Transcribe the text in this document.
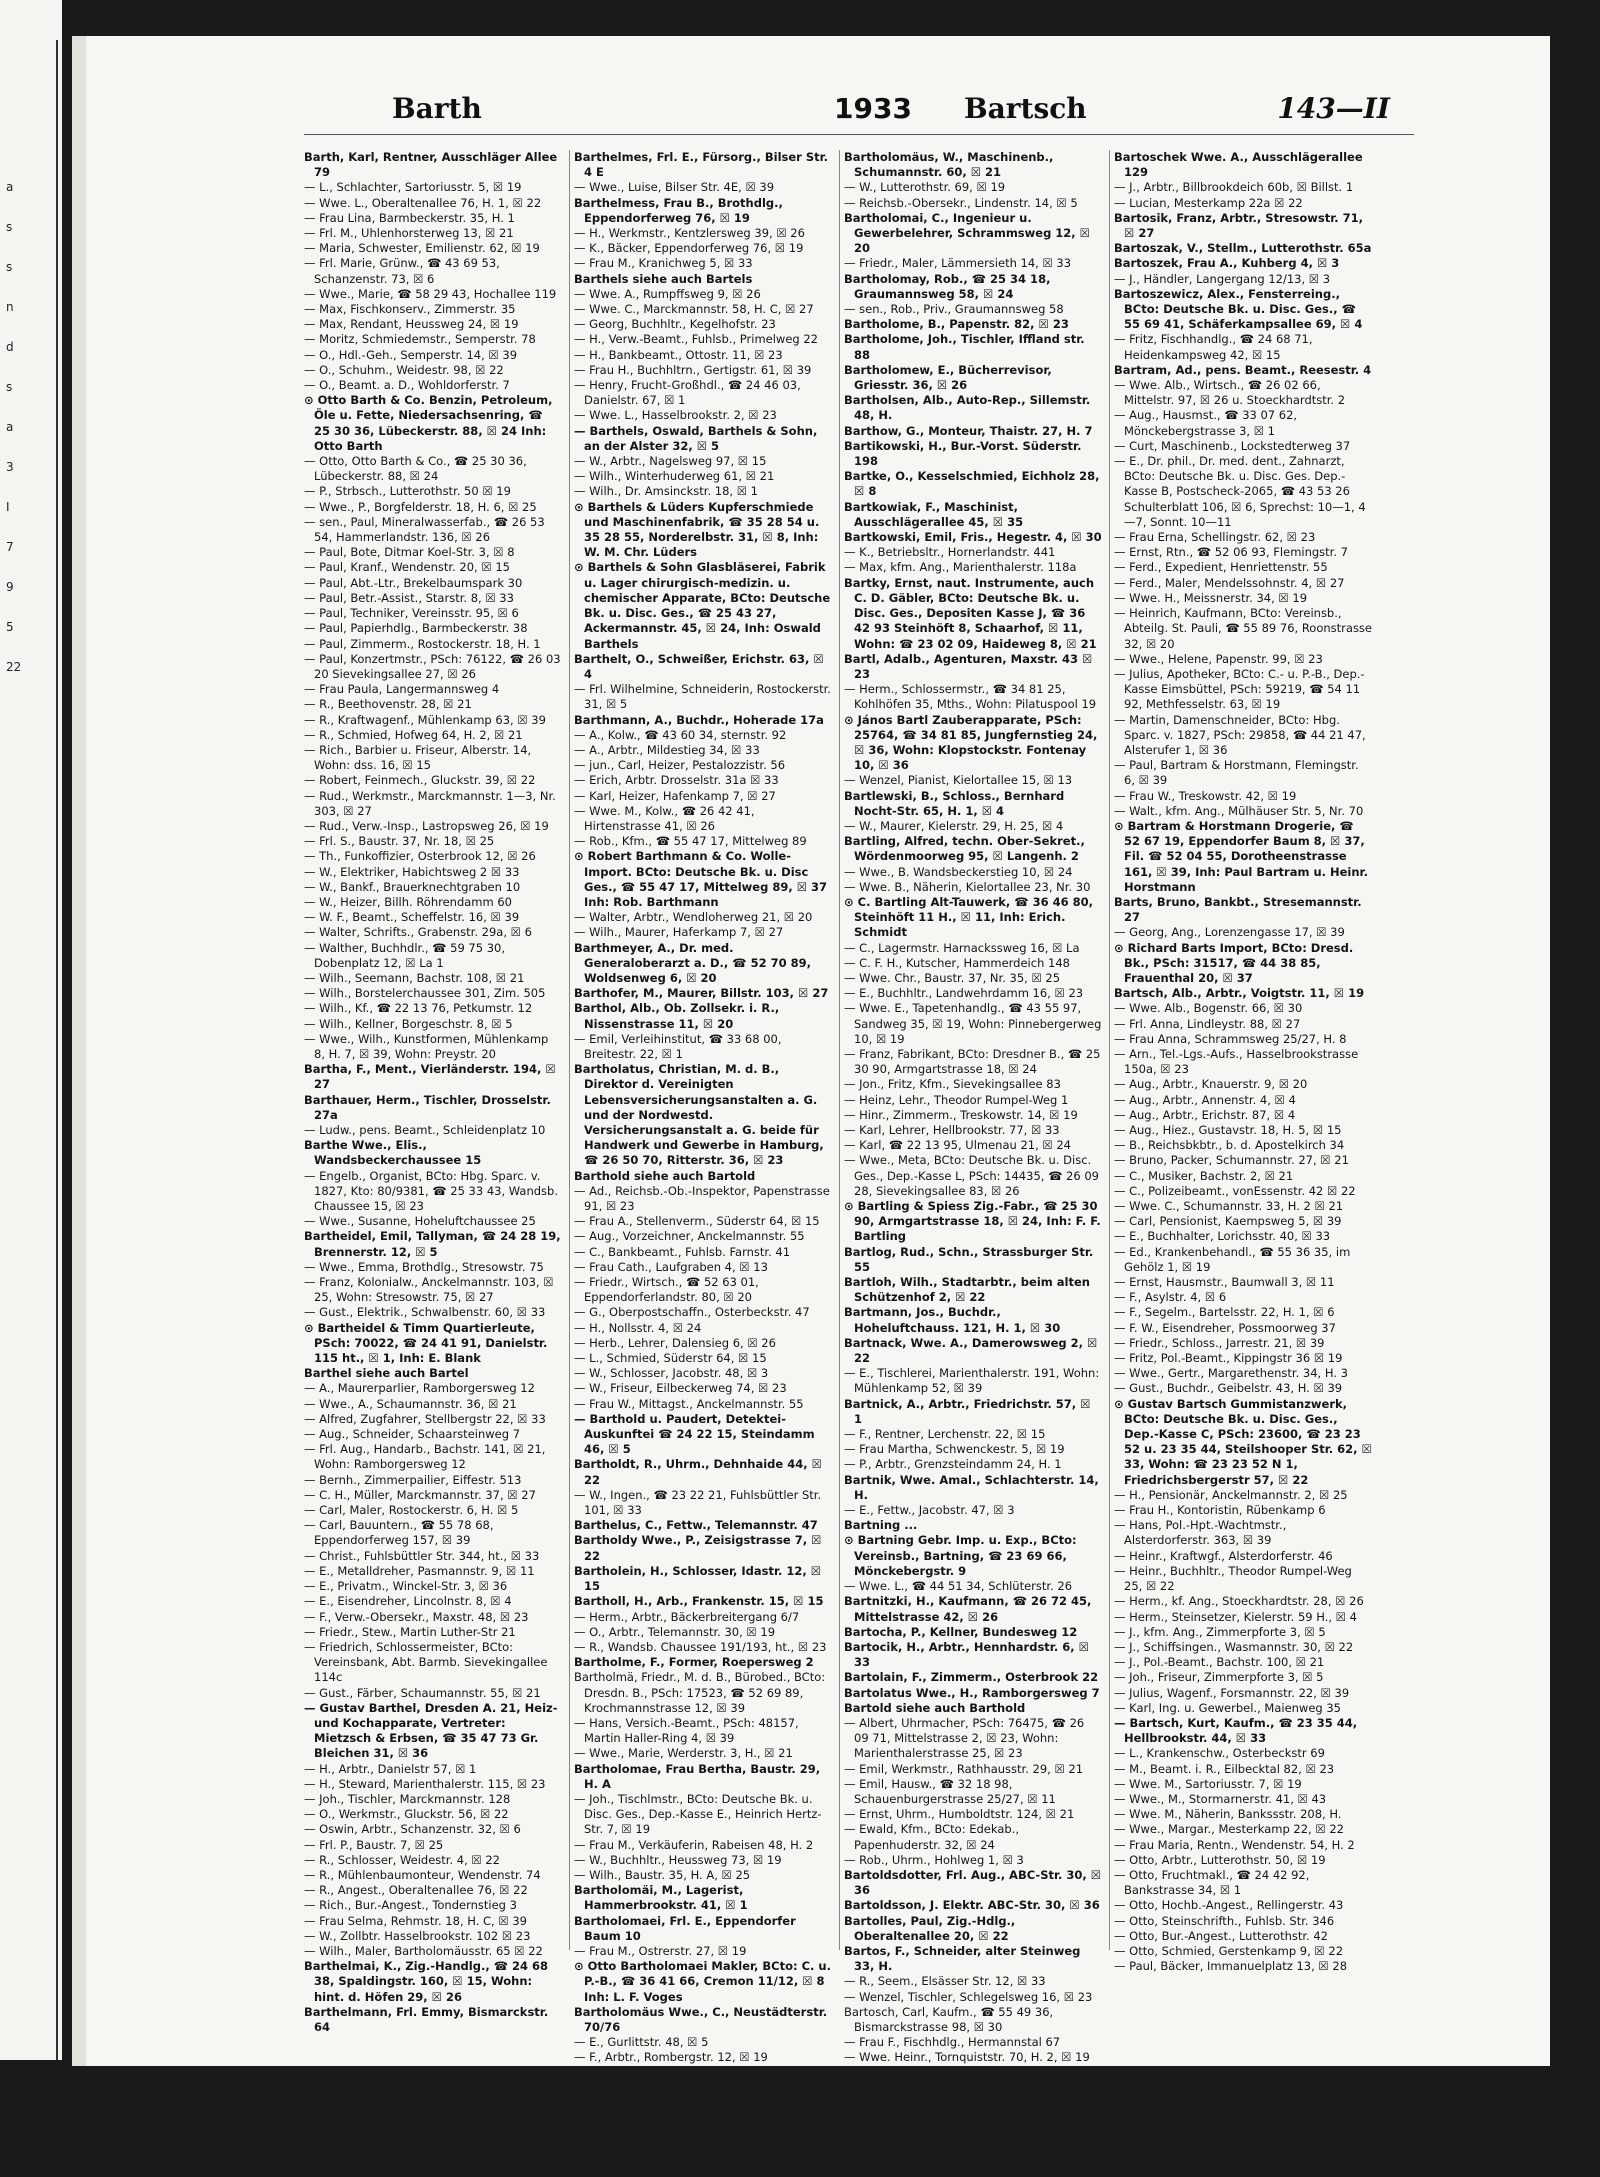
a
s
s
n
d
s
a
3
I
7
9
5
22
Barth	1933 Bartsch	143—II

Barth, Karl, Rentner, Ausschläger Allee 79

— L., Schlachter, Sartoriusstr. 5, ☒ 19

— Wwe. L., Oberaltenallee 76, H. 1, ☒ 22

— Frau Lina, Barmbeckerstr. 35, H. 1

— Frl. M., Uhlenhorsterweg 13, ☒ 21

— Maria, Schwester, Emilienstr. 62, ☒ 19

— Frl. Marie, Grünw., ☎ 43 69 53, Schanzenstr. 73, ☒ 6

— Wwe., Marie, ☎ 58 29 43, Hochallee 119

— Max, Fischkonserv., Zimmerstr. 35

— Max, Rendant, Heussweg 24, ☒ 19

— Moritz, Schmiedemstr., Semperstr. 78

— O., Hdl.-Geh., Semperstr. 14, ☒ 39

— O., Schuhm., Weidestr. 98, ☒ 22

— O., Beamt. a. D., Wohldorferstr. 7

⊙ Otto Barth & Co. Benzin, Petroleum, Öle u. Fette, Niedersachsenring, ☎ 25 30 36, Lübeckerstr. 88, ☒ 24 Inh: Otto Barth

— Otto, Otto Barth & Co., ☎ 25 30 36, Lübeckerstr. 88, ☒ 24

— P., Strbsch., Lutterothstr. 50 ☒ 19

— Wwe., P., Borgfelderstr. 18, H. 6, ☒ 25

— sen., Paul, Mineralwasserfab., ☎ 26 53 54, Hammerlandstr. 136, ☒ 26

— Paul, Bote, Ditmar Koel-Str. 3, ☒ 8

— Paul, Kranf., Wendenstr. 20, ☒ 15

— Paul, Abt.-Ltr., Brekelbaumspark 30

— Paul, Betr.-Assist., Starstr. 8, ☒ 33

— Paul, Techniker, Vereinsstr. 95, ☒ 6

— Paul, Papierhdlg., Barmbeckerstr. 38

— Paul, Zimmerm., Rostockerstr. 18, H. 1

— Paul, Konzertmstr., PSch: 76122, ☎ 26 03 20 Sievekingsallee 27, ☒ 26

— Frau Paula, Langermannsweg 4

— R., Beethovenstr. 28, ☒ 21

— R., Kraftwagenf., Mühlenkamp 63, ☒ 39

— R., Schmied, Hofweg 64, H. 2, ☒ 21

— Rich., Barbier u. Friseur, Alberstr. 14, Wohn: dss. 16, ☒ 15

— Robert, Feinmech., Gluckstr. 39, ☒ 22

— Rud., Werkmstr., Marckmannstr. 1—3, Nr. 303, ☒ 27

— Rud., Verw.-Insp., Lastropsweg 26, ☒ 19

— Frl. S., Baustr. 37, Nr. 18, ☒ 25

— Th., Funkoffizier, Osterbrook 12, ☒ 26

— W., Elektriker, Habichtsweg 2 ☒ 33

— W., Bankf., Brauerknechtgraben 10

— W., Heizer, Billh. Röhrendamm 60

— W. F., Beamt., Scheffelstr. 16, ☒ 39

— Walter, Schrifts., Grabenstr. 29a, ☒ 6

— Walther, Buchhdlr., ☎ 59 75 30, Dobenplatz 12, ☒ La 1

— Wilh., Seemann, Bachstr. 108, ☒ 21

— Wilh., Borstelerchaussee 301, Zim. 505

— Wilh., Kf., ☎ 22 13 76, Petkumstr. 12

— Wilh., Kellner, Borgeschstr. 8, ☒ 5

— Wwe., Wilh., Kunstformen, Mühlenkamp 8, H. 7, ☒ 39, Wohn: Preystr. 20

Bartha, F., Ment., Vierländerstr. 194, ☒ 27

Barthauer, Herm., Tischler, Drosselstr. 27a

— Ludw., pens. Beamt., Schleidenplatz 10

Barthe Wwe., Elis., Wandsbeckerchaussee 15

— Engelb., Organist, BCto: Hbg. Sparc. v. 1827, Kto: 80/9381, ☎ 25 33 43, Wandsb. Chaussee 15, ☒ 23

— Wwe., Susanne, Hoheluftchaussee 25

Bartheidel, Emil, Tallyman, ☎ 24 28 19, Brennerstr. 12, ☒ 5

— Wwe., Emma, Brothdlg., Stresowstr. 75

— Franz, Kolonialw., Anckelmannstr. 103, ☒ 25, Wohn: Stresowstr. 75, ☒ 27

— Gust., Elektrik., Schwalbenstr. 60, ☒ 33

⊙ Bartheidel & Timm Quartierleute, PSch: 70022, ☎ 24 41 91, Danielstr. 115 ht., ☒ 1, Inh: E. Blank

Barthel siehe auch Bartel

— A., Maurerparlier, Ramborgersweg 12

— Wwe., A., Schaumannstr. 36, ☒ 21

— Alfred, Zugfahrer, Stellbergstr 22, ☒ 33

— Aug., Schneider, Schaarsteinweg 7

— Frl. Aug., Handarb., Bachstr. 141, ☒ 21, Wohn: Ramborgersweg 12

— Bernh., Zimmerpailier, Eiffestr. 513

— C. H., Müller, Marckmannstr. 37, ☒ 27

— Carl, Maler, Rostockerstr. 6, H. ☒ 5

— Carl, Bauuntern., ☎ 55 78 68, Eppendorferweg 157, ☒ 39

— Christ., Fuhlsbüttler Str. 344, ht., ☒ 33

— E., Metalldreher, Pasmannstr. 9, ☒ 11

— E., Privatm., Winckel-Str. 3, ☒ 36

— E., Eisendreher, Lincolnstr. 8, ☒ 4

— F., Verw.-Obersekr., Maxstr. 48, ☒ 23

— Friedr., Stew., Martin Luther-Str 21

— Friedrich, Schlossermeister, BCto: Vereinsbank, Abt. Barmb. Sievekingallee 114c

— Gust., Färber, Schaumannstr. 55, ☒ 21

— Gustav Barthel, Dresden A. 21, Heiz- und Kochapparate, Vertreter: Mietzsch & Erbsen, ☎ 35 47 73 Gr. Bleichen 31, ☒ 36

— H., Arbtr., Danielstr 57, ☒ 1

— H., Steward, Marienthalerstr. 115, ☒ 23

— Joh., Tischler, Marckmannstr. 128

— O., Werkmstr., Gluckstr. 56, ☒ 22

— Oswin, Arbtr., Schanzenstr. 32, ☒ 6

— Frl. P., Baustr. 7, ☒ 25

— R., Schlosser, Weidestr. 4, ☒ 22

— R., Mühlenbaumonteur, Wendenstr. 74

— R., Angest., Oberaltenallee 76, ☒ 22

— Rich., Bur.-Angest., Tondernstieg 3

— Frau Selma, Rehmstr. 18, H. C, ☒ 39

— W., Zollbtr. Hasselbrookstr. 102 ☒ 23

— Wilh., Maler, Bartholomäusstr. 65 ☒ 22

Barthelmai, K., Zig.-Handlg., ☎ 24 68 38, Spaldingstr. 160, ☒ 15, Wohn: hint. d. Höfen 29, ☒ 26

Barthelmann, Frl. Emmy, Bismarckstr. 64

Barthelmes, Frl. E., Fürsorg., Bilser Str. 4 E

— Wwe., Luise, Bilser Str. 4E, ☒ 39

Barthelmess, Frau B., Brothdlg., Eppendorferweg 76, ☒ 19

— H., Werkmstr., Kentzlersweg 39, ☒ 26

— K., Bäcker, Eppendorferweg 76, ☒ 19

— Frau M., Kranichweg 5, ☒ 33

Barthels siehe auch Bartels

— Wwe. A., Rumpffsweg 9, ☒ 26

— Wwe. C., Marckmannstr. 58, H. C, ☒ 27

— Georg, Buchhltr., Kegelhofstr. 23

— H., Verw.-Beamt., Fuhlsb., Primelweg 22

— H., Bankbeamt., Ottostr. 11, ☒ 23

— Frau H., Buchhltrn., Gertigstr. 61, ☒ 39

— Henry, Frucht-Großhdl., ☎ 24 46 03, Danielstr. 67, ☒ 1

— Wwe. L., Hasselbrookstr. 2, ☒ 23

— Barthels, Oswald, Barthels & Sohn, an der Alster 32, ☒ 5

— W., Arbtr., Nagelsweg 97, ☒ 15

— Wilh., Winterhuderweg 61, ☒ 21

— Wilh., Dr. Amsinckstr. 18, ☒ 1

⊙ Barthels & Lüders Kupferschmiede und Maschinenfabrik, ☎ 35 28 54 u. 35 28 55, Norderelbstr. 31, ☒ 8, Inh: W. M. Chr. Lüders

⊙ Barthels & Sohn Glasbläserei, Fabrik u. Lager chirurgisch-medizin. u. chemischer Apparate, BCto: Deutsche Bk. u. Disc. Ges., ☎ 25 43 27, Ackermannstr. 45, ☒ 24, Inh: Oswald Barthels

Barthelt, O., Schweißer, Erichstr. 63, ☒ 4

— Frl. Wilhelmine, Schneiderin, Rostockerstr. 31, ☒ 5

Barthmann, A., Buchdr., Hoherade 17a

— A., Kolw., ☎ 43 60 34, sternstr. 92

— A., Arbtr., Mildestieg 34, ☒ 33

— jun., Carl, Heizer, Pestalozzistr. 56

— Erich, Arbtr. Drosselstr. 31a ☒ 33

— Karl, Heizer, Hafenkamp 7, ☒ 27

— Wwe. M., Kolw., ☎ 26 42 41, Hirtenstrasse 41, ☒ 26

— Rob., Kfm., ☎ 55 47 17, Mittelweg 89

⊙ Robert Barthmann & Co. Wolle-Import. BCto: Deutsche Bk. u. Disc Ges., ☎ 55 47 17, Mittelweg 89, ☒ 37 Inh: Rob. Barthmann

— Walter, Arbtr., Wendloherweg 21, ☒ 20

— Wilh., Maurer, Haferkamp 7, ☒ 27

Barthmeyer, A., Dr. med. Generaloberarzt a. D., ☎ 52 70 89, Woldsenweg 6, ☒ 20

Barthofer, M., Maurer, Billstr. 103, ☒ 27

Barthol, Alb., Ob. Zollsekr. i. R., Nissenstrasse 11, ☒ 20

— Emil, Verleihinstitut, ☎ 33 68 00, Breitestr. 22, ☒ 1

Bartholatus, Christian, M. d. B., Direktor d. Vereinigten Lebensversicherungsanstalten a. G. und der Nordwestd. Versicherungsanstalt a. G. beide für Handwerk und Gewerbe in Hamburg, ☎ 26 50 70, Ritterstr. 36, ☒ 23

Barthold siehe auch Bartold

— Ad., Reichsb.-Ob.-Inspektor, Papenstrasse 91, ☒ 23

— Frau A., Stellenverm., Süderstr 64, ☒ 15

— Aug., Vorzeichner, Anckelmannstr. 55

— C., Bankbeamt., Fuhlsb. Farnstr. 41

— Frau Cath., Laufgraben 4, ☒ 13

— Friedr., Wirtsch., ☎ 52 63 01, Eppendorferlandstr. 80, ☒ 20

— G., Oberpostschaffn., Osterbeckstr. 47

— H., Nollsstr. 4, ☒ 24

— Herb., Lehrer, Dalensieg 6, ☒ 26

— L., Schmied, Süderstr 64, ☒ 15

— W., Schlosser, Jacobstr. 48, ☒ 3

— W., Friseur, Eilbeckerweg 74, ☒ 23

— Frau W., Mittagst., Anckelmannstr. 55

— Barthold u. Paudert, Detektei-Auskunftei ☎ 24 22 15, Steindamm 46, ☒ 5

Bartholdt, R., Uhrm., Dehnhaide 44, ☒ 22

— W., Ingen., ☎ 23 22 21, Fuhlsbüttler Str. 101, ☒ 33

Barthelus, C., Fettw., Telemannstr. 47

Bartholdy Wwe., P., Zeisigstrasse 7, ☒ 22

Bartholein, H., Schlosser, Idastr. 12, ☒ 15

Bartholl, H., Arb., Frankenstr. 15, ☒ 15

— Herm., Arbtr., Bäckerbreitergang 6/7

— O., Arbtr., Telemannstr. 30, ☒ 19

— R., Wandsb. Chaussee 191/193, ht., ☒ 23

Bartholme, F., Former, Roepersweg 2

Bartholmä, Friedr., M. d. B., Bürobed., BCto: Dresdn. B., PSch: 17523, ☎ 52 69 89, Krochmannstrasse 12, ☒ 39

— Hans, Versich.-Beamt., PSch: 48157, Martin Haller-Ring 4, ☒ 39

— Wwe., Marie, Werderstr. 3, H., ☒ 21

Bartholomae, Frau Bertha, Baustr. 29, H. A

— Joh., Tischlmstr., BCto: Deutsche Bk. u. Disc. Ges., Dep.-Kasse E., Heinrich Hertz-Str. 7, ☒ 19

— Frau M., Verkäuferin, Rabeisen 48, H. 2

— W., Buchhltr., Heussweg 73, ☒ 19

— Wilh., Baustr. 35, H. A, ☒ 25

Bartholomäi, M., Lagerist, Hammerbrookstr. 41, ☒ 1

Bartholomaei, Frl. E., Eppendorfer Baum 10

— Frau M., Ostrerstr. 27, ☒ 19

⊙ Otto Bartholomaei Makler, BCto: C. u. P.-B., ☎ 36 41 66, Cremon 11/12, ☒ 8 Inh: L. F. Voges

Bartholomäus Wwe., C., Neustädterstr. 70/76

— E., Gurlittstr. 48, ☒ 5

— F., Arbtr., Rombergstr. 12, ☒ 19

Bartholomäus, W., Maschinenb., Schumannstr. 60, ☒ 21

— W., Lutterothstr. 69, ☒ 19

— Reichsb.-Obersekr., Lindenstr. 14, ☒ 5

Bartholomai, C., Ingenieur u. Gewerbelehrer, Schrammsweg 12, ☒ 20

— Friedr., Maler, Lämmersieth 14, ☒ 33

Bartholomay, Rob., ☎ 25 34 18, Graumannsweg 58, ☒ 24

— sen., Rob., Priv., Graumannsweg 58

Bartholome, B., Papenstr. 82, ☒ 23

Bartholome, Joh., Tischler, Iffland str. 88

Bartholomew, E., Bücherrevisor, Griesstr. 36, ☒ 26

Bartholsen, Alb., Auto-Rep., Sillemstr. 48, H.

Barthow, G., Monteur, Thaistr. 27, H. 7

Bartikowski, H., Bur.-Vorst. Süderstr. 198

Bartke, O., Kesselschmied, Eichholz 28, ☒ 8

Bartkowiak, F., Maschinist, Ausschlägerallee 45, ☒ 35

Bartkowski, Emil, Fris., Hegestr. 4, ☒ 30

— K., Betriebsltr., Hornerlandstr. 441

— Max, kfm. Ang., Marienthalerstr. 118a

Bartky, Ernst, naut. Instrumente, auch C. D. Gäbler, BCto: Deutsche Bk. u. Disc. Ges., Depositen Kasse J, ☎ 36 42 93 Steinhöft 8, Schaarhof, ☒ 11, Wohn: ☎ 23 02 09, Haideweg 8, ☒ 21

Bartl, Adalb., Agenturen, Maxstr. 43 ☒ 23

— Herm., Schlossermstr., ☎ 34 81 25, Kohlhöfen 35, Mths., Wohn: Pilatuspool 19

⊙ János Bartl Zauberapparate, PSch: 25764, ☎ 34 81 85, Jungfernstieg 24, ☒ 36, Wohn: Klopstockstr. Fontenay 10, ☒ 36

— Wenzel, Pianist, Kielortallee 15, ☒ 13

Bartlewski, B., Schloss., Bernhard Nocht-Str. 65, H. 1, ☒ 4

— W., Maurer, Kielerstr. 29, H. 25, ☒ 4

Bartling, Alfred, techn. Ober-Sekret., Wördenmoorweg 95, ☒ Langenh. 2

— Wwe., B. Wandsbeckerstieg 10, ☒ 24

— Wwe. B., Näherin, Kielortallee 23, Nr. 30

⊙ C. Bartling Alt-Tauwerk, ☎ 36 46 80, Steinhöft 11 H., ☒ 11, Inh: Erich. Schmidt

— C., Lagermstr. Harnackssweg 16, ☒ La

— C. F. H., Kutscher, Hammerdeich 148

— Wwe. Chr., Baustr. 37, Nr. 35, ☒ 25

— E., Buchhltr., Landwehrdamm 16, ☒ 23

— Wwe. E., Tapetenhandlg., ☎ 43 55 97, Sandweg 35, ☒ 19, Wohn: Pinnebergerweg 10, ☒ 19

— Franz, Fabrikant, BCto: Dresdner B., ☎ 25 30 90, Armgartstrasse 18, ☒ 24

— Jon., Fritz, Kfm., Sievekingsallee 83

— Heinz, Lehr., Theodor Rumpel-Weg 1

— Hinr., Zimmerm., Treskowstr. 14, ☒ 19

— Karl, Lehrer, Hellbrookstr. 77, ☒ 33

— Karl, ☎ 22 13 95, Ulmenau 21, ☒ 24

— Wwe., Meta, BCto: Deutsche Bk. u. Disc. Ges., Dep.-Kasse L, PSch: 14435, ☎ 26 09 28, Sievekingsallee 83, ☒ 26

⊙ Bartling & Spiess Zig.-Fabr., ☎ 25 30 90, Armgartstrasse 18, ☒ 24, Inh: F. F. Bartling

Bartlog, Rud., Schn., Strassburger Str. 55

Bartloh, Wilh., Stadtarbtr., beim alten Schützenhof 2, ☒ 22

Bartmann, Jos., Buchdr., Hoheluftchauss. 121, H. 1, ☒ 30

Bartnack, Wwe. A., Damerowsweg 2, ☒ 22

— E., Tischlerei, Marienthalerstr. 191, Wohn: Mühlenkamp 52, ☒ 39

Bartnick, A., Arbtr., Friedrichstr. 57, ☒ 1

— F., Rentner, Lerchenstr. 22, ☒ 15

— Frau Martha, Schwenckestr. 5, ☒ 19

— P., Arbtr., Grenzsteindamm 24, H. 1

Bartnik, Wwe. Amal., Schlachterstr. 14, H.

— E., Fettw., Jacobstr. 47, ☒ 3

Bartning ...

⊙ Bartning Gebr. Imp. u. Exp., BCto: Vereinsb., Bartning, ☎ 23 69 66, Mönckebergstr. 9

— Wwe. L., ☎ 44 51 34, Schlüterstr. 26

Bartnitzki, H., Kaufmann, ☎ 26 72 45, Mittelstrasse 42, ☒ 26

Bartocha, P., Kellner, Bundesweg 12

Bartocik, H., Arbtr., Hennhardstr. 6, ☒ 33

Bartolain, F., Zimmerm., Osterbrook 22

Bartolatus Wwe., H., Ramborgersweg 7

Bartold siehe auch Barthold

— Albert, Uhrmacher, PSch: 76475, ☎ 26 09 71, Mittelstrasse 2, ☒ 23, Wohn: Marienthalerstrasse 25, ☒ 23

— Emil, Werkmstr., Rathhausstr. 29, ☒ 21

— Emil, Hausw., ☎ 32 18 98, Schauenburgerstrasse 25/27, ☒ 11

— Ernst, Uhrm., Humboldtstr. 124, ☒ 21

— Ewald, Kfm., BCto: Edekab., Papenhuderstr. 32, ☒ 24

— Rob., Uhrm., Hohlweg 1, ☒ 3

Bartoldsdotter, Frl. Aug., ABC-Str. 30, ☒ 36

Bartoldsson, J. Elektr. ABC-Str. 30, ☒ 36

Bartolles, Paul, Zig.-Hdlg., Oberaltenallee 20, ☒ 22

Bartos, F., Schneider, alter Steinweg 33, H.

— R., Seem., Elsässer Str. 12, ☒ 33

— Wenzel, Tischler, Schlegelsweg 16, ☒ 23

Bartosch, Carl, Kaufm., ☎ 55 49 36, Bismarckstrasse 98, ☒ 30

— Frau F., Fischhdlg., Hermannstal 67

— Wwe. Heinr., Tornquiststr. 70, H. 2, ☒ 19

Bartoschek Wwe. A., Ausschlägerallee 129

— J., Arbtr., Billbrookdeich 60b, ☒ Billst. 1

— Lucian, Mesterkamp 22a ☒ 22

Bartosik, Franz, Arbtr., Stresowstr. 71, ☒ 27

Bartoszak, V., Stellm., Lutterothstr. 65a

Bartoszek, Frau A., Kuhberg 4, ☒ 3

— J., Händler, Langergang 12/13, ☒ 3

Bartoszewicz, Alex., Fensterreing., BCto: Deutsche Bk. u. Disc. Ges., ☎ 55 69 41, Schäferkampsallee 69, ☒ 4

— Fritz, Fischhandlg., ☎ 24 68 71, Heidenkampsweg 42, ☒ 15

Bartram, Ad., pens. Beamt., Reesestr. 4

— Wwe. Alb., Wirtsch., ☎ 26 02 66, Mittelstr. 97, ☒ 26 u. Stoeckhardtstr. 2

— Aug., Hausmst., ☎ 33 07 62, Mönckebergstrasse 3, ☒ 1

— Curt, Maschinenb., Lockstedterweg 37

— E., Dr. phil., Dr. med. dent., Zahnarzt, BCto: Deutsche Bk. u. Disc. Ges. Dep.-Kasse B, Postscheck-2065, ☎ 43 53 26 Schulterblatt 106, ☒ 6, Sprechst: 10—1, 4—7, Sonnt. 10—11

— Frau Erna, Schellingstr. 62, ☒ 23

— Ernst, Rtn., ☎ 52 06 93, Flemingstr. 7

— Ferd., Expedient, Henriettenstr. 55

— Ferd., Maler, Mendelssohnstr. 4, ☒ 27

— Wwe. H., Meissnerstr. 34, ☒ 19

— Heinrich, Kaufmann, BCto: Vereinsb., Abteilg. St. Pauli, ☎ 55 89 76, Roonstrasse 32, ☒ 20

— Wwe., Helene, Papenstr. 99, ☒ 23

— Julius, Apotheker, BCto: C.- u. P.-B., Dep.-Kasse Eimsbüttel, PSch: 59219, ☎ 54 11 92, Methfesselstr. 63, ☒ 19

— Martin, Damenschneider, BCto: Hbg. Sparc. v. 1827, PSch: 29858, ☎ 44 21 47, Alsterufer 1, ☒ 36

— Paul, Bartram & Horstmann, Flemingstr. 6, ☒ 39

— Frau W., Treskowstr. 42, ☒ 19

— Walt., kfm. Ang., Mülhäuser Str. 5, Nr. 70

⊙ Bartram & Horstmann Drogerie, ☎ 52 67 19, Eppendorfer Baum 8, ☒ 37, Fil. ☎ 52 04 55, Dorotheenstrasse 161, ☒ 39, Inh: Paul Bartram u. Heinr. Horstmann

Barts, Bruno, Bankbt., Stresemannstr. 27

— Georg, Ang., Lorenzengasse 17, ☒ 39

⊙ Richard Barts Import, BCto: Dresd. Bk., PSch: 31517, ☎ 44 38 85, Frauenthal 20, ☒ 37

Bartsch, Alb., Arbtr., Voigtstr. 11, ☒ 19

— Wwe. Alb., Bogenstr. 66, ☒ 30

— Frl. Anna, Lindleystr. 88, ☒ 27

— Frau Anna, Schrammsweg 25/27, H. 8

— Arn., Tel.-Lgs.-Aufs., Hasselbrookstrasse 150a, ☒ 23

— Aug., Arbtr., Knauerstr. 9, ☒ 20

— Aug., Arbtr., Annenstr. 4, ☒ 4

— Aug., Arbtr., Erichstr. 87, ☒ 4

— Aug., Hiez., Gustavstr. 18, H. 5, ☒ 15

— B., Reichsbkbtr., b. d. Apostelkirch 34

— Bruno, Packer, Schumannstr. 27, ☒ 21

— C., Musiker, Bachstr. 2, ☒ 21

— C., Polizeibeamt., vonEssenstr. 42 ☒ 22

— Wwe. C., Schumannstr. 33, H. 2 ☒ 21

— Carl, Pensionist, Kaempsweg 5, ☒ 39

— E., Buchhalter, Lorichsstr. 40, ☒ 33

— Ed., Krankenbehandl., ☎ 55 36 35, im Gehölz 1, ☒ 19

— Ernst, Hausmstr., Baumwall 3, ☒ 11

— F., Asylstr. 4, ☒ 6

— F., Segelm., Bartelsstr. 22, H. 1, ☒ 6

— F. W., Eisendreher, Possmoorweg 37

— Friedr., Schloss., Jarrestr. 21, ☒ 39

— Fritz, Pol.-Beamt., Kippingstr 36 ☒ 19

— Wwe., Gertr., Margarethenstr. 34, H. 3

— Gust., Buchdr., Geibelstr. 43, H. ☒ 39

⊙ Gustav Bartsch Gummistanzwerk, BCto: Deutsche Bk. u. Disc. Ges., Dep.-Kasse C, PSch: 23600, ☎ 23 23 52 u. 23 35 44, Steilshooper Str. 62, ☒ 33, Wohn: ☎ 23 23 52 N 1, Friedrichsbergerstr 57, ☒ 22

— H., Pensionär, Anckelmannstr. 2, ☒ 25

— Frau H., Kontoristin, Rübenkamp 6

— Hans, Pol.-Hpt.-Wachtmstr., Alsterdorferstr. 363, ☒ 39

— Heinr., Kraftwgf., Alsterdorferstr. 46

— Heinr., Buchhltr., Theodor Rumpel-Weg 25, ☒ 22

— Herm., kf. Ang., Stoeckhardtstr. 28, ☒ 26

— Herm., Steinsetzer, Kielerstr. 59 H., ☒ 4

— J., kfm. Ang., Zimmerpforte 3, ☒ 5

— J., Schiffsingen., Wasmannstr. 30, ☒ 22

— J., Pol.-Beamt., Bachstr. 100, ☒ 21

— Joh., Friseur, Zimmerpforte 3, ☒ 5

— Julius, Wagenf., Forsmannstr. 22, ☒ 39

— Karl, Ing. u. Gewerbel., Maienweg 35

— Bartsch, Kurt, Kaufm., ☎ 23 35 44, Hellbrookstr. 44, ☒ 33

— L., Krankenschw., Osterbeckstr 69

— M., Beamt. i. R., Eilbecktal 82, ☒ 23

— Wwe. M., Sartoriusstr. 7, ☒ 19

— Wwe., M., Stormarnerstr. 41, ☒ 43

— Wwe. M., Näherin, Bankssstr. 208, H.

— Wwe., Margar., Mesterkamp 22, ☒ 22

— Frau Maria, Rentn., Wendenstr. 54, H. 2

— Otto, Arbtr., Lutterothstr. 50, ☒ 19

— Otto, Fruchtmakl., ☎ 24 42 92, Bankstrasse 34, ☒ 1

— Otto, Hochb.-Angest., Rellingerstr. 43

— Otto, Steinschrifth., Fuhlsb. Str. 346

— Otto, Bur.-Angest., Lutterothstr. 42

— Otto, Schmied, Gerstenkamp 9, ☒ 22

— Paul, Bäcker, Immanuelplatz 13, ☒ 28
